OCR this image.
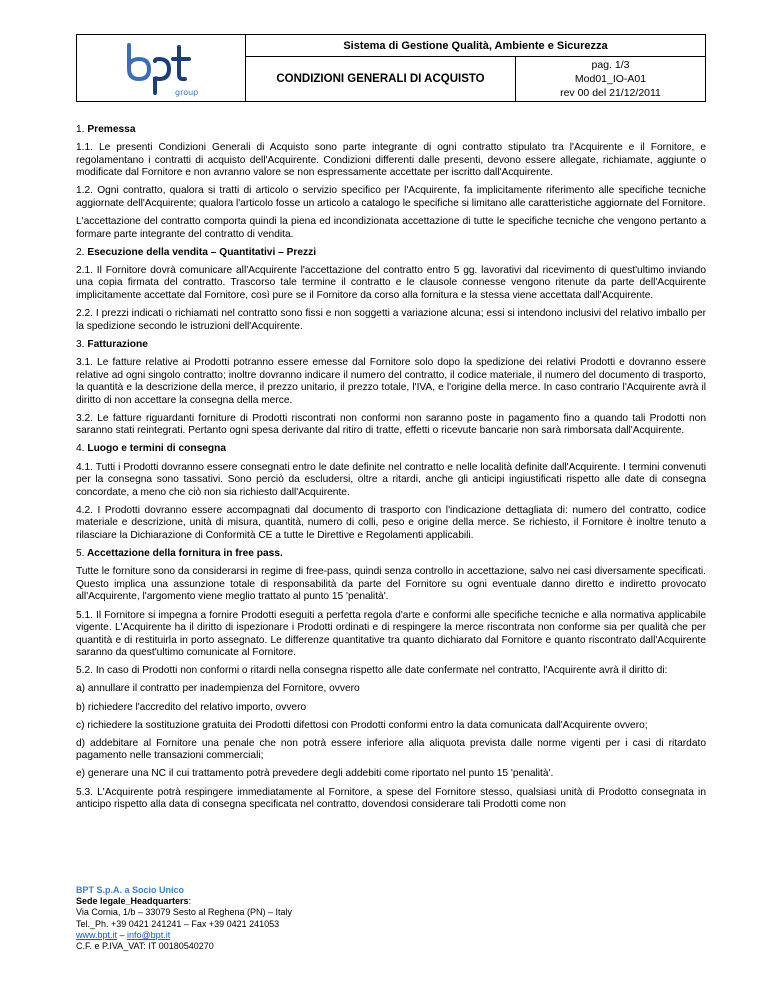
group
Sistema di Gestione Qualità, Ambiente e Sicurezza
CONDIZIONI GENERALI DI ACQUISTO
pag. 1/3
Mod01_IO-A01
rev 00 del 21/12/2011

1. Premessa

1.1. Le presenti Condizioni Generali di Acquisto sono parte integrante di ogni contratto stipulato tra l'Acquirente e il Fornitore, e regolamentano i contratti di acquisto dell'Acquirente. Condizioni differenti dalle presenti, devono essere allegate, richiamate, aggiunte o modificate dal Fornitore e non avranno valore se non espressamente accettate per iscritto dall'Acquirente.

1.2. Ogni contratto, qualora si tratti di articolo o servizio specifico per l'Acquirente, fa implicitamente riferimento alle specifiche tecniche aggiornate dell'Acquirente; qualora l'articolo fosse un articolo a catalogo le specifiche si limitano alle caratteristiche aggiornate del Fornitore.

L'accettazione del contratto comporta quindi la piena ed incondizionata accettazione di tutte le specifiche tecniche che vengono pertanto a formare parte integrante del contratto di vendita.

2. Esecuzione della vendita – Quantitativi – Prezzi

2.1. Il Fornitore dovrà comunicare all'Acquirente l'accettazione del contratto entro 5 gg. lavorativi dal ricevimento di quest'ultimo inviando una copia firmata del contratto. Trascorso tale termine il contratto e le clausole connesse vengono ritenute da parte dell'Acquirente implicitamente accettate dal Fornitore, così pure se il Fornitore da corso alla fornitura e la stessa viene accettata dall'Acquirente.

2.2. I prezzi indicati o richiamati nel contratto sono fissi e non soggetti a variazione alcuna; essi si intendono inclusivi del relativo imballo per la spedizione secondo le istruzioni dell'Acquirente.

3. Fatturazione

3.1. Le fatture relative ai Prodotti potranno essere emesse dal Fornitore solo dopo la spedizione dei relativi Prodotti e dovranno essere relative ad ogni singolo contratto; inoltre dovranno indicare il numero del contratto, il codice materiale, il numero del documento di trasporto, la quantità e la descrizione della merce, il prezzo unitario, il prezzo totale, l'IVA, e l'origine della merce. In caso contrario l'Acquirente avrà il diritto di non accettare la consegna della merce.

3.2. Le fatture riguardanti forniture di Prodotti riscontrati non conformi non saranno poste in pagamento fino a quando tali Prodotti non saranno stati reintegrati. Pertanto ogni spesa derivante dal ritiro di tratte, effetti o ricevute bancarie non sarà rimborsata dall'Acquirente.

4. Luogo e termini di consegna

4.1. Tutti i Prodotti dovranno essere consegnati entro le date definite nel contratto e nelle località definite dall'Acquirente. I termini convenuti per la consegna sono tassativi. Sono perciò da escludersi, oltre a ritardi, anche gli anticipi ingiustificati rispetto alle date di consegna concordate, a meno che ciò non sia richiesto dall'Acquirente.

4.2. I Prodotti dovranno essere accompagnati dal documento di trasporto con l'indicazione dettagliata di: numero del contratto, codice materiale e descrizione, unità di misura, quantità, numero di colli, peso e origine della merce. Se richiesto, il Fornitore è inoltre tenuto a rilasciare la Dichiarazione di Conformità CE a tutte le Direttive e Regolamenti applicabili.

5. Accettazione della fornitura in free pass.

Tutte le forniture sono da considerarsi in regime di free-pass, quindi senza controllo in accettazione, salvo nei casi diversamente specificati. Questo implica una assunzione totale di responsabilità da parte del Fornitore su ogni eventuale danno diretto e indiretto provocato all'Acquirente, l'argomento viene meglio trattato al punto 15 'penalità'.

5.1. Il Fornitore si impegna a fornire Prodotti eseguiti a perfetta regola d'arte e conformi alle specifiche tecniche e alla normativa applicabile vigente. L'Acquirente ha il diritto di ispezionare i Prodotti ordinati e di respingere la merce riscontrata non conforme sia per qualità che per quantità e di restituirla in porto assegnato. Le differenze quantitative tra quanto dichiarato dal Fornitore e quanto riscontrato dall'Acquirente saranno da quest'ultimo comunicate al Fornitore.

5.2. In caso di Prodotti non conformi o ritardi nella consegna rispetto alle date confermate nel contratto, l'Acquirente avrà il diritto di:

a) annullare il contratto per inadempienza del Fornitore, ovvero

b) richiedere l'accredito del relativo importo, ovvero

c) richiedere la sostituzione gratuita dei Prodotti difettosi con Prodotti conformi entro la data comunicata dall'Acquirente ovvero;

d) addebitare al Fornitore una penale che non potrà essere inferiore alla aliquota prevista dalle norme vigenti per i casi di ritardato pagamento nelle transazioni commerciali;

e) generare una NC il cui trattamento potrà prevedere degli addebiti come riportato nel punto 15 'penalità'.

5.3. L'Acquirente potrà respingere immediatamente al Fornitore, a spese del Fornitore stesso, qualsiasi unità di Prodotto consegnata in anticipo rispetto alla data di consegna specificata nel contratto, dovendosi considerare tali Prodotti come non

BPT S.p.A. a Socio Unico
Sede legale_Headquarters:
Via Cornia, 1/b – 33079 Sesto al Reghena (PN) – Italy
Tel._Ph. +39 0421 241241 – Fax +39 0421 241053
www.bpt.it – info@bpt.it
C.F. e P.IVA_VAT: IT 00180540270
